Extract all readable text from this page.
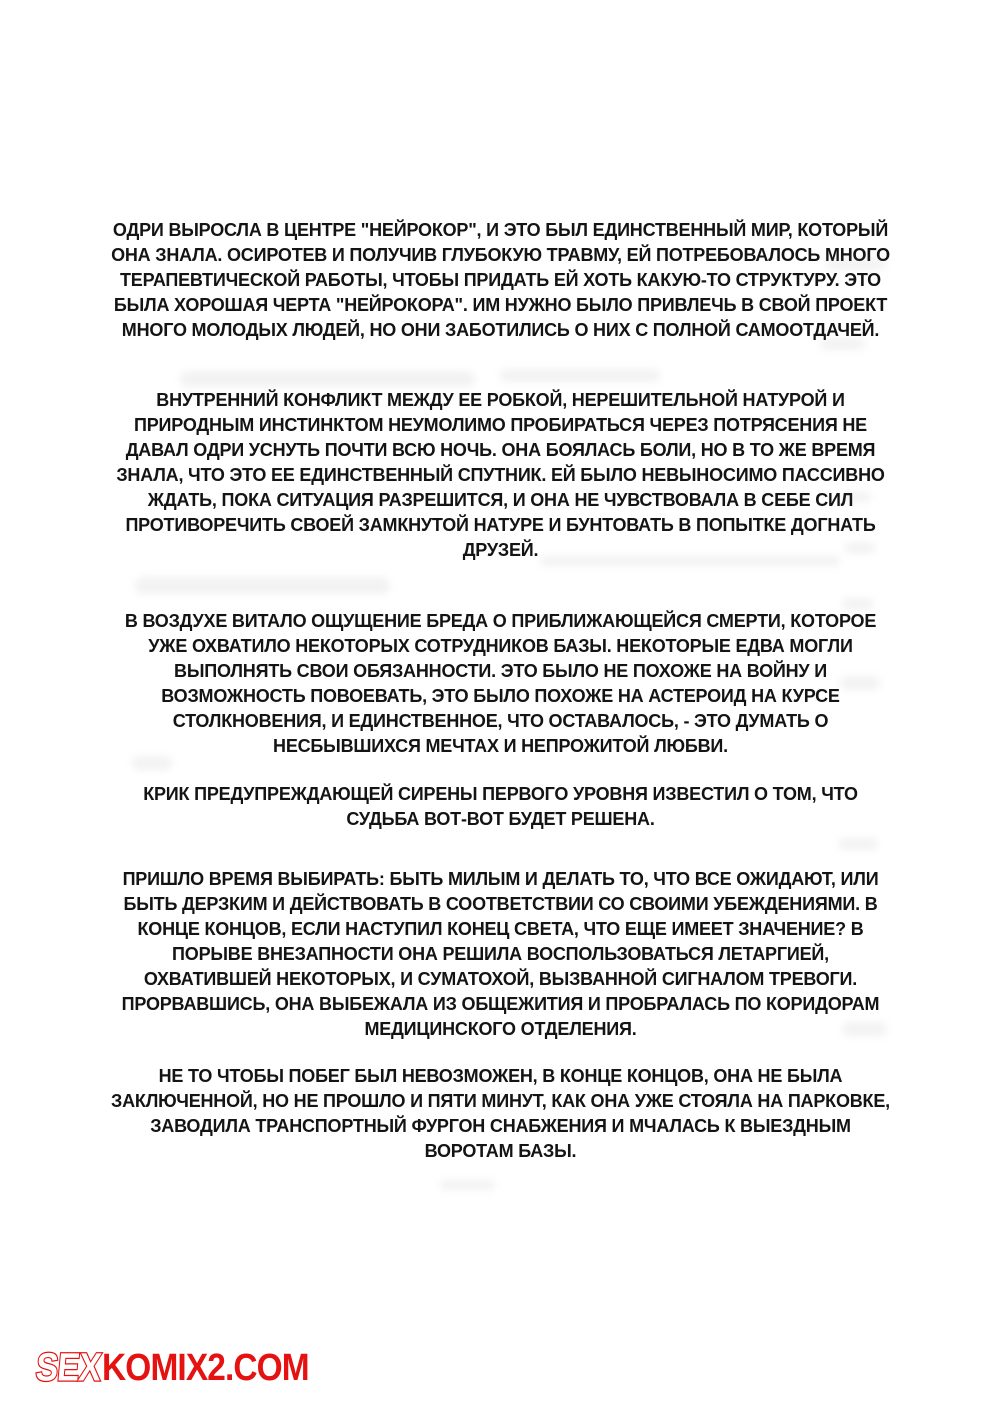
ОДРИ ВЫРОСЛА В ЦЕНТРЕ "НЕЙРОКОР", И ЭТО БЫЛ ЕДИНСТВЕННЫЙ МИР, КОТОРЫЙ ОНА ЗНАЛА. ОСИРОТЕВ И ПОЛУЧИВ ГЛУБОКУЮ ТРАВМУ, ЕЙ ПОТРЕБОВАЛОСЬ МНОГО ТЕРАПЕВТИЧЕСКОЙ РАБОТЫ, ЧТОБЫ ПРИДАТЬ ЕЙ ХОТЬ КАКУЮ-ТО СТРУКТУРУ. ЭТО БЫЛА ХОРОШАЯ ЧЕРТА "НЕЙРОКОРА". ИМ НУЖНО БЫЛО ПРИВЛЕЧЬ В СВОЙ ПРОЕКТ МНОГО МОЛОДЫХ ЛЮДЕЙ, НО ОНИ ЗАБОТИЛИСЬ О НИХ С ПОЛНОЙ САМООТДАЧЕЙ.

ВНУТРЕННИЙ КОНФЛИКТ МЕЖДУ ЕЕ РОБКОЙ, НЕРЕШИТЕЛЬНОЙ НАТУРОЙ И ПРИРОДНЫМ ИНСТИНКТОМ НЕУМОЛИМО ПРОБИРАТЬСЯ ЧЕРЕЗ ПОТРЯСЕНИЯ НЕ ДАВАЛ ОДРИ УСНУТЬ ПОЧТИ ВСЮ НОЧЬ. ОНА БОЯЛАСЬ БОЛИ, НО В ТО ЖЕ ВРЕМЯ ЗНАЛА, ЧТО ЭТО ЕЕ ЕДИНСТВЕННЫЙ СПУТНИК. ЕЙ БЫЛО НЕВЫНОСИМО ПАССИВНО ЖДАТЬ, ПОКА СИТУАЦИЯ РАЗРЕШИТСЯ, И ОНА НЕ ЧУВСТВОВАЛА В СЕБЕ СИЛ ПРОТИВОРЕЧИТЬ СВОЕЙ ЗАМКНУТОЙ НАТУРЕ И БУНТОВАТЬ В ПОПЫТКЕ ДОГНАТЬ ДРУЗЕЙ.

В ВОЗДУХЕ ВИТАЛО ОЩУЩЕНИЕ БРЕДА О ПРИБЛИЖАЮЩЕЙСЯ СМЕРТИ, КОТОРОЕ УЖЕ ОХВАТИЛО НЕКОТОРЫХ СОТРУДНИКОВ БАЗЫ. НЕКОТОРЫЕ ЕДВА МОГЛИ ВЫПОЛНЯТЬ СВОИ ОБЯЗАННОСТИ. ЭТО БЫЛО НЕ ПОХОЖЕ НА ВОЙНУ И ВОЗМОЖНОСТЬ ПОВОЕВАТЬ, ЭТО БЫЛО ПОХОЖЕ НА АСТЕРОИД НА КУРСЕ СТОЛКНОВЕНИЯ, И ЕДИНСТВЕННОЕ, ЧТО ОСТАВАЛОСЬ, - ЭТО ДУМАТЬ О НЕСБЫВШИХСЯ МЕЧТАХ И НЕПРОЖИТОЙ ЛЮБВИ.

КРИК ПРЕДУПРЕЖДАЮЩЕЙ СИРЕНЫ ПЕРВОГО УРОВНЯ ИЗВЕСТИЛ О ТОМ, ЧТО СУДЬБА ВОТ-ВОТ БУДЕТ РЕШЕНА.

ПРИШЛО ВРЕМЯ ВЫБИРАТЬ: БЫТЬ МИЛЫМ И ДЕЛАТЬ ТО, ЧТО ВСЕ ОЖИДАЮТ, ИЛИ БЫТЬ ДЕРЗКИМ И ДЕЙСТВОВАТЬ В СООТВЕТСТВИИ СО СВОИМИ УБЕЖДЕНИЯМИ. В КОНЦЕ КОНЦОВ, ЕСЛИ НАСТУПИЛ КОНЕЦ СВЕТА, ЧТО ЕЩЕ ИМЕЕТ ЗНАЧЕНИЕ? В ПОРЫВЕ ВНЕЗАПНОСТИ ОНА РЕШИЛА ВОСПОЛЬЗОВАТЬСЯ ЛЕТАРГИЕЙ, ОХВАТИВШЕЙ НЕКОТОРЫХ, И СУМАТОХОЙ, ВЫЗВАННОЙ СИГНАЛОМ ТРЕВОГИ. ПРОРВАВШИСЬ, ОНА ВЫБЕЖАЛА ИЗ ОБЩЕЖИТИЯ И ПРОБРАЛАСЬ ПО КОРИДОРАМ МЕДИЦИНСКОГО ОТДЕЛЕНИЯ.

НЕ ТО ЧТОБЫ ПОБЕГ БЫЛ НЕВОЗМОЖЕН, В КОНЦЕ КОНЦОВ, ОНА НЕ БЫЛА ЗАКЛЮЧЕННОЙ, НО НЕ ПРОШЛО И ПЯТИ МИНУТ, КАК ОНА УЖЕ СТОЯЛА НА ПАРКОВКЕ, ЗАВОДИЛА ТРАНСПОРТНЫЙ ФУРГОН СНАБЖЕНИЯ И МЧАЛАСЬ К ВЫЕЗДНЫМ ВОРОТАМ БАЗЫ.

SEXKOMIX2.COM
